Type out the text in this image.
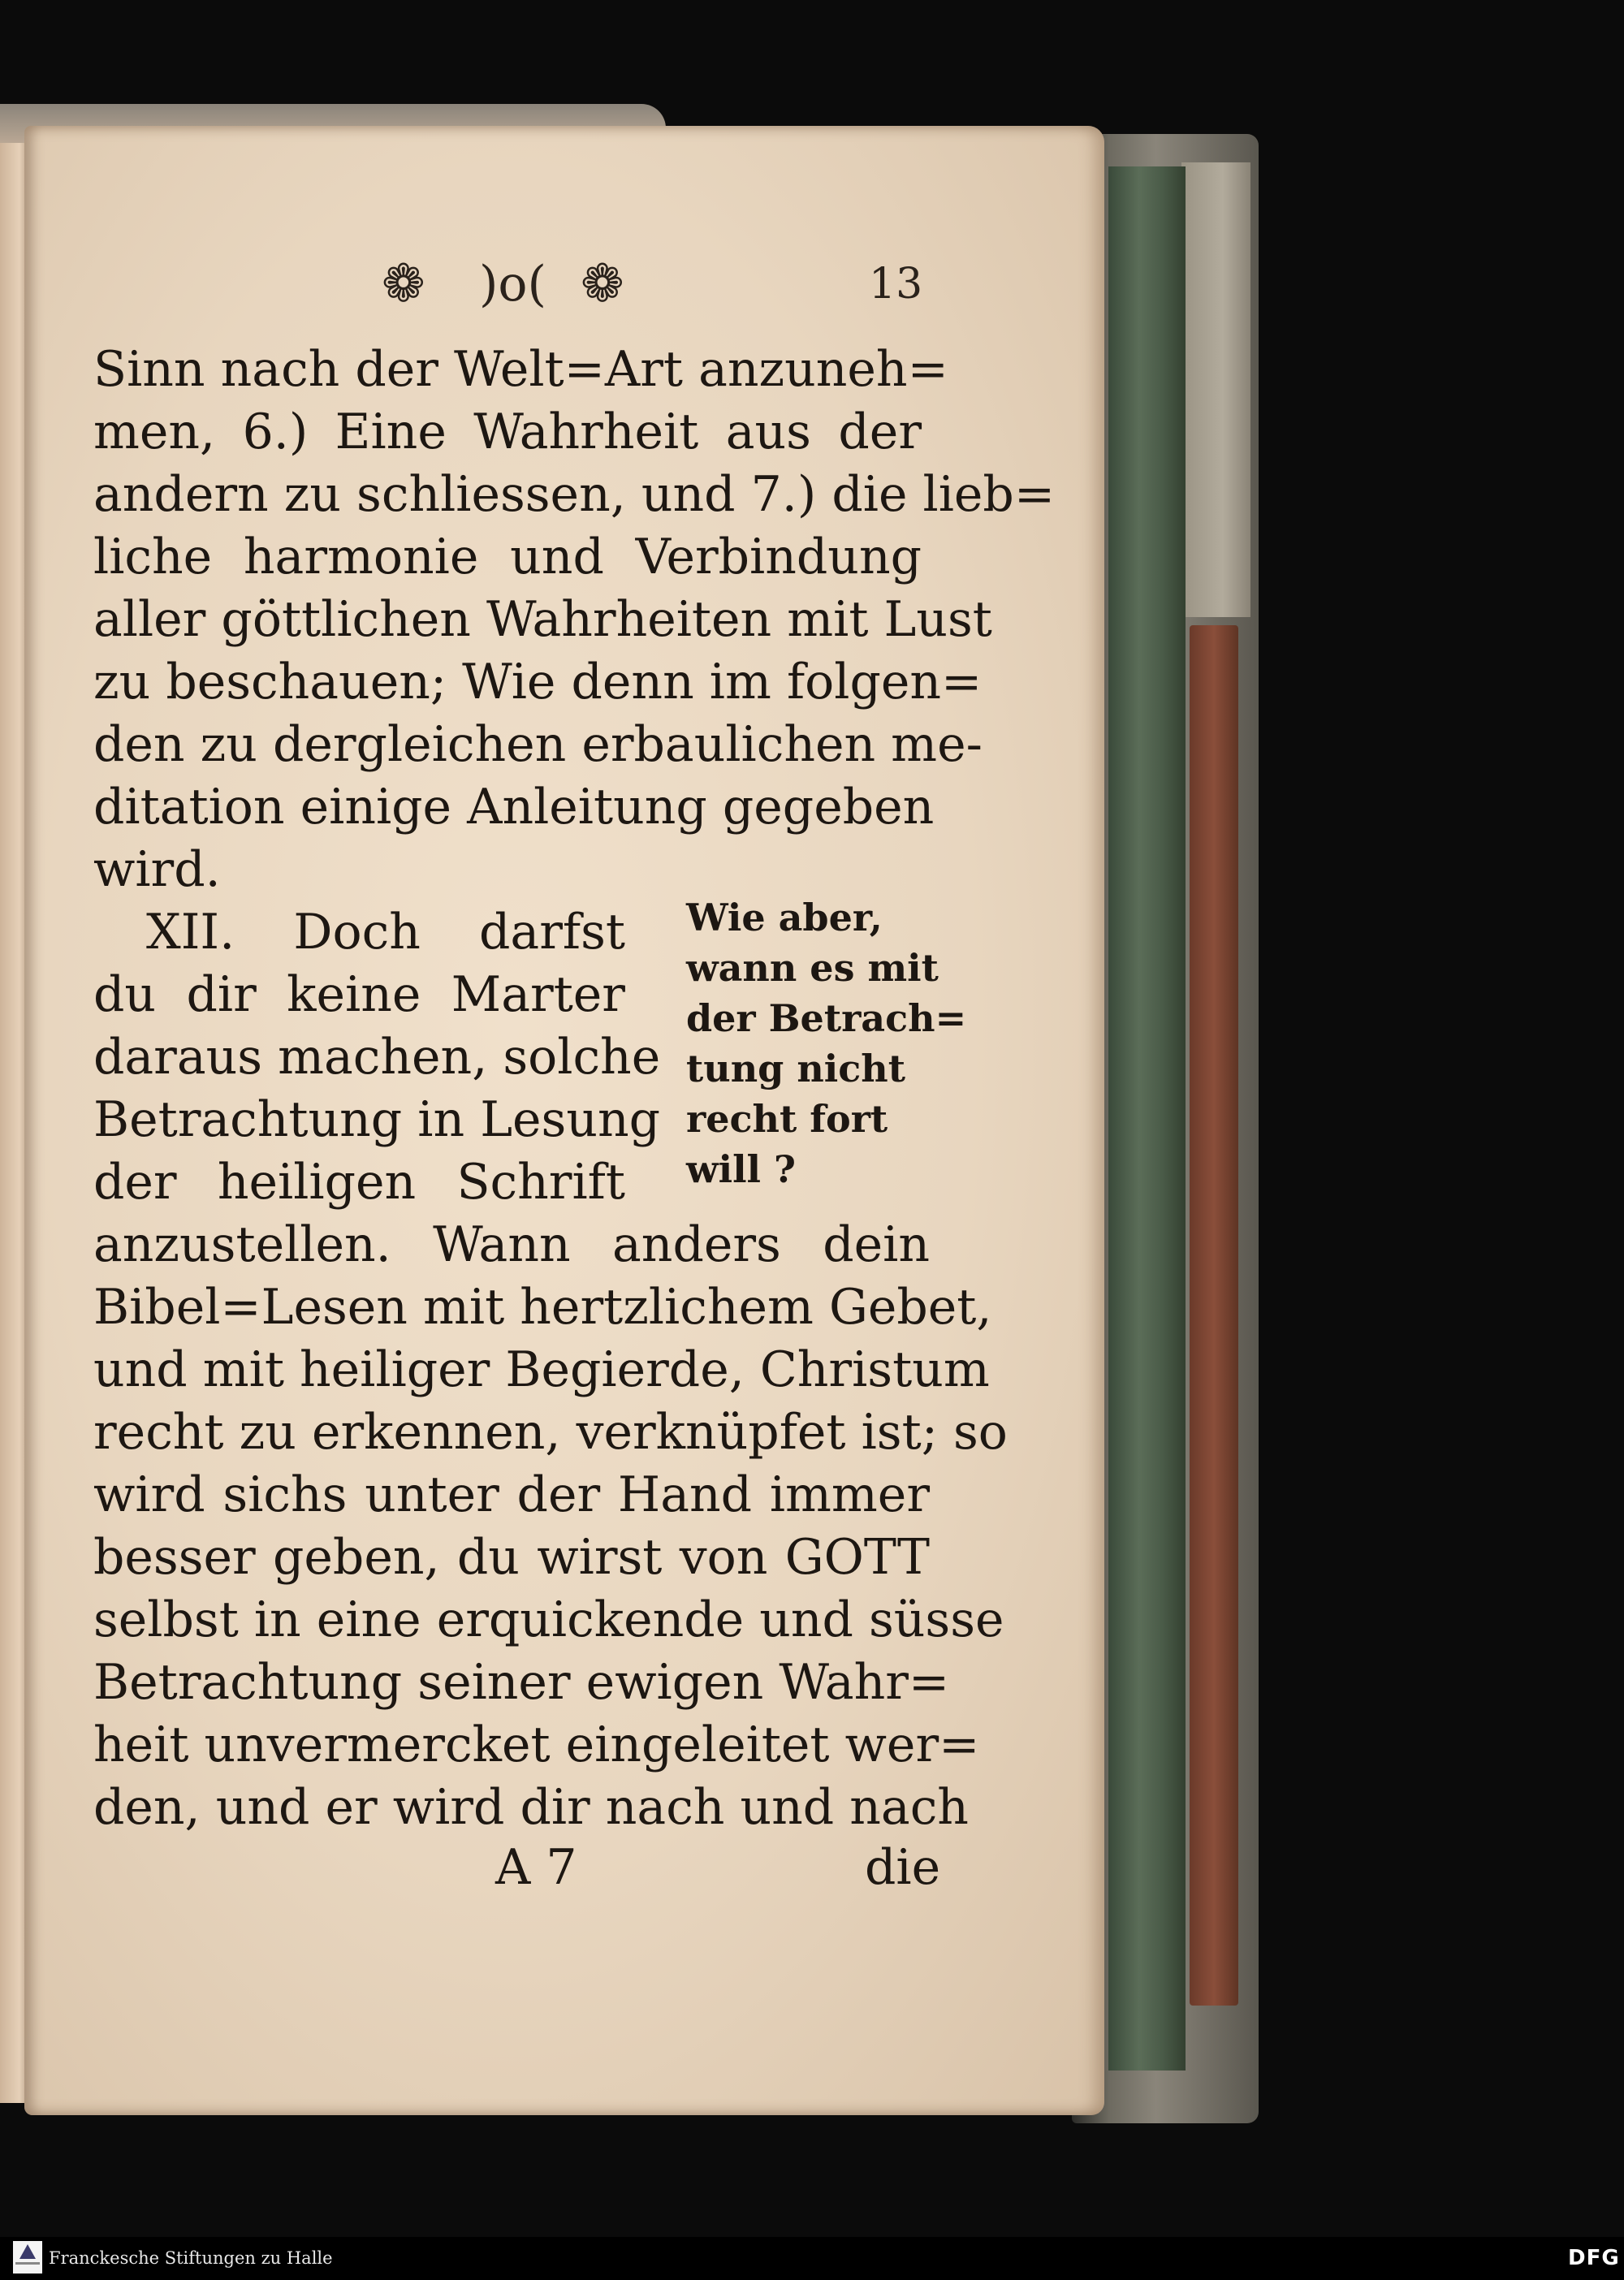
❁ )o( ❁	13

Sinn nach der Welt=Art anzuneh=

men, 6.) Eine Wahrheit aus der

andern zu schliessen, und 7.) die lieb=

liche harmonie und Verbindung

aller göttlichen Wahrheiten mit Lust

zu beschauen; Wie denn im folgen=

den zu dergleichen erbaulichen me-

ditation einige Anleitung gegeben

wird.

XII. Doch darfst

du dir keine Marter

daraus machen, solche

Betrachtung in Lesung

der heiligen Schrift

Wie aber,

wann es mit

der Betrach=

tung nicht

recht fort

will ?

anzustellen. Wann anders dein

Bibel=Lesen mit hertzlichem Gebet,

und mit heiliger Begierde, Christum

recht zu erkennen, verknüpfet ist; so

wird sichs unter der Hand immer

besser geben, du wirst von GOTT

selbst in eine erquickende und süsse

Betrachtung seiner ewigen Wahr=

heit unvermercket eingeleitet wer=

den, und er wird dir nach und nach

A 7	die
Franckesche Stiftungen zu Halle	DFG
